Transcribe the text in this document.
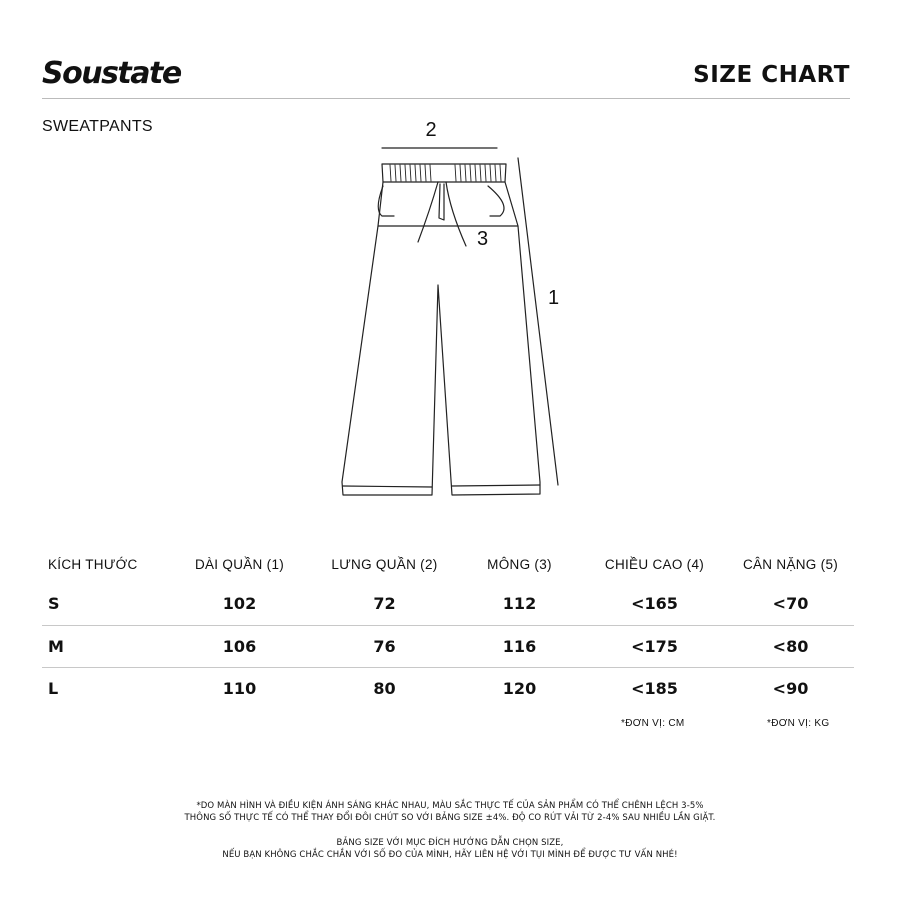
Soustate	SIZE CHART
SWEATPANTS	2
3
1
KÍCH THƯỚC	DÀI QUẦN (1)	LƯNG QUẦN (2)	MÔNG (3)	CHIỀU CAO (4)	CÂN NẶNG (5)
S	102	72	112	<165	<70
M	106	76	116	<175	<80
L	110	80	120	<185	<90
*ĐƠN VỊ: CM	*ĐƠN VỊ: KG
*DO MÀN HÌNH VÀ ĐIỀU KIỆN ÁNH SÁNG KHÁC NHAU, MÀU SẮC THỰC TẾ CỦA SẢN PHẨM CÓ THỂ CHÊNH LỆCH 3-5%
THÔNG SỐ THỰC TẾ CÓ THỂ THAY ĐỔI ĐÔI CHÚT SO VỚI BẢNG SIZE ±4%. ĐỘ CO RÚT VẢI TỪ 2-4% SAU NHIỀU LẦN GIẶT.
BẢNG SIZE VỚI MỤC ĐÍCH HƯỚNG DẪN CHỌN SIZE,
NẾU BẠN KHÔNG CHẮC CHẮN VỚI SỐ ĐO CỦA MÌNH, HÃY LIÊN HỆ VỚI TỤI MÌNH ĐỂ ĐƯỢC TƯ VẤN NHÉ!
